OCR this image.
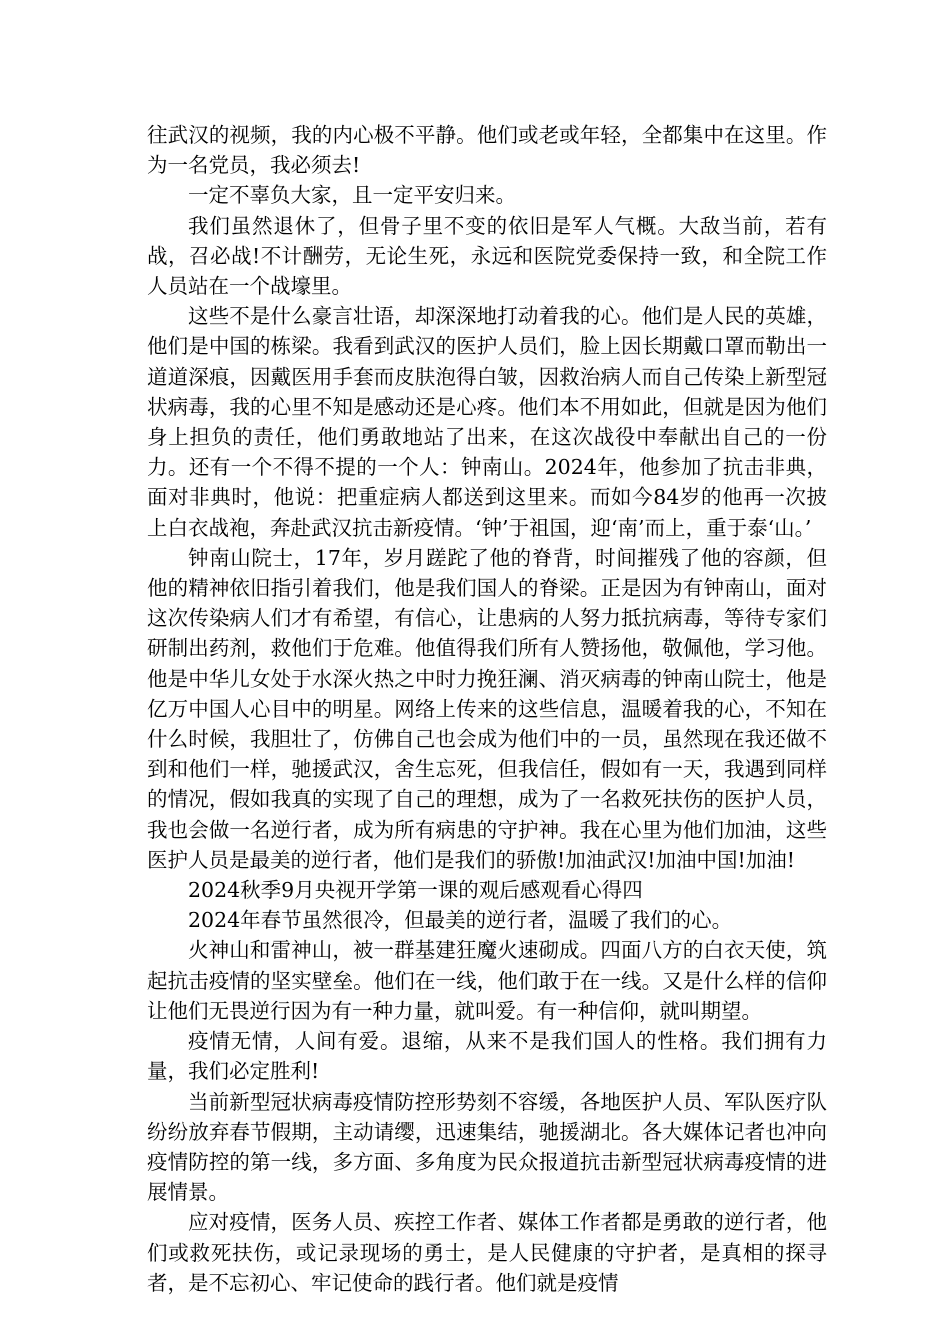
往武汉的视频，我的内心极不平静。他们或老或年轻，全都集中在这里。作为一名党员，我必须去!

一定不辜负大家，且一定平安归来。

我们虽然退休了，但骨子里不变的依旧是军人气概。大敌当前，若有战，召必战!不计酬劳，无论生死，永远和医院党委保持一致，和全院工作人员站在一个战壕里。

这些不是什么豪言壮语，却深深地打动着我的心。他们是人民的英雄，他们是中国的栋梁。我看到武汉的医护人员们，脸上因长期戴口罩而勒出一道道深痕，因戴医用手套而皮肤泡得白皱，因救治病人而自己传染上新型冠状病毒，我的心里不知是感动还是心疼。他们本不用如此，但就是因为他们身上担负的责任，他们勇敢地站了出来，在这次战役中奉献出自己的一份力。还有一个不得不提的一个人：钟南山。2024年，他参加了抗击非典，面对非典时，他说：把重症病人都送到这里来。而如今84岁的他再一次披上白衣战袍，奔赴武汉抗击新疫情。‘钟’于祖国，迎‘南’而上，重于泰‘山。’

钟南山院士，17年，岁月蹉跎了他的脊背，时间摧残了他的容颜，但他的精神依旧指引着我们，他是我们国人的脊梁。正是因为有钟南山，面对这次传染病人们才有希望，有信心，让患病的人努力抵抗病毒，等待专家们研制出药剂，救他们于危难。他值得我们所有人赞扬他，敬佩他，学习他。他是中华儿女处于水深火热之中时力挽狂澜、消灭病毒的钟南山院士，他是亿万中国人心目中的明星。网络上传来的这些信息，温暖着我的心，不知在什么时候，我胆壮了，仿佛自己也会成为他们中的一员，虽然现在我还做不到和他们一样，驰援武汉，舍生忘死，但我信任，假如有一天，我遇到同样的情况，假如我真的实现了自己的理想，成为了一名救死扶伤的医护人员，我也会做一名逆行者，成为所有病患的守护神。我在心里为他们加油，这些医护人员是最美的逆行者，他们是我们的骄傲!加油武汉!加油中国!加油!

2024秋季9月央视开学第一课的观后感观看心得四

2024年春节虽然很冷，但最美的逆行者，温暖了我们的心。

火神山和雷神山，被一群基建狂魔火速砌成。四面八方的白衣天使，筑起抗击疫情的坚实壁垒。他们在一线，他们敢于在一线。又是什么样的信仰让他们无畏逆行因为有一种力量，就叫爱。有一种信仰，就叫期望。

疫情无情，人间有爱。退缩，从来不是我们国人的性格。我们拥有力量，我们必定胜利!

当前新型冠状病毒疫情防控形势刻不容缓，各地医护人员、军队医疗队纷纷放弃春节假期，主动请缨，迅速集结，驰援湖北。各大媒体记者也冲向疫情防控的第一线，多方面、多角度为民众报道抗击新型冠状病毒疫情的进展情景。

应对疫情，医务人员、疾控工作者、媒体工作者都是勇敢的逆行者，他们或救死扶伤，或记录现场的勇士，是人民健康的守护者，是真相的探寻者，是不忘初心、牢记使命的践行者。他们就是疫情
